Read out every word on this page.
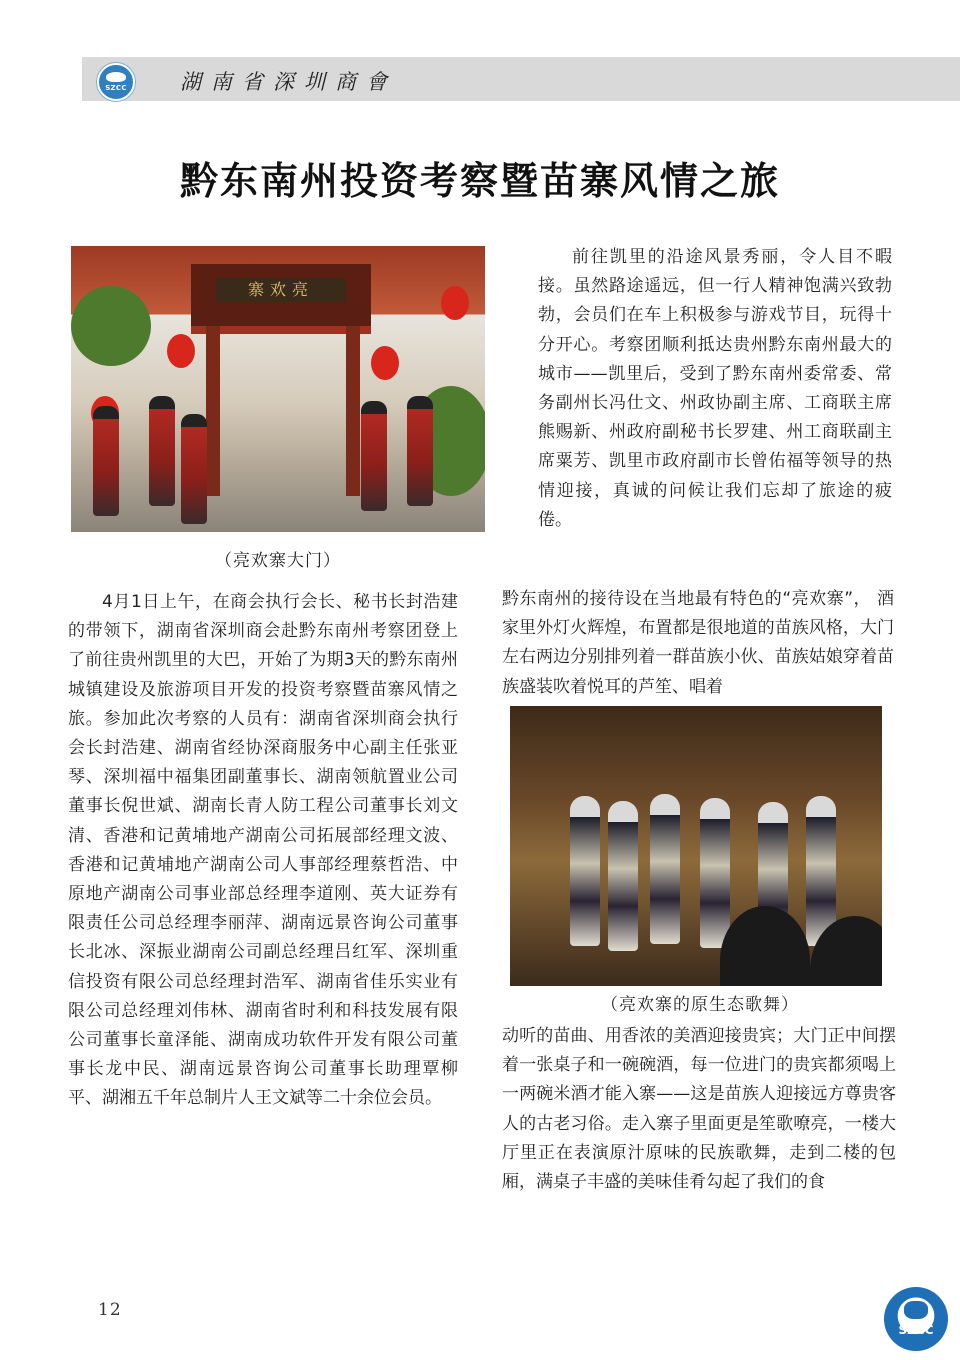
SZCC	湖南省深圳商會
黔东南州投资考察暨苗寨风情之旅
寨欢亮
（亮欢寨大门）

4月1日上午，在商会执行会长、秘书长封浩建的带领下，湖南省深圳商会赴黔东南州考察团登上了前往贵州凯里的大巴，开始了为期3天的黔东南州城镇建设及旅游项目开发的投资考察暨苗寨风情之旅。参加此次考察的人员有：湖南省深圳商会执行会长封浩建、湖南省经协深商服务中心副主任张亚琴、深圳福中福集团副董事长、湖南领航置业公司董事长倪世斌、湖南长青人防工程公司董事长刘文清、香港和记黄埔地产湖南公司拓展部经理文波、香港和记黄埔地产湖南公司人事部经理蔡哲浩、中原地产湖南公司事业部总经理李道刚、英大证券有限责任公司总经理李丽萍、湖南远景咨询公司董事长北冰、深振业湖南公司副总经理吕红军、深圳重信投资有限公司总经理封浩军、湖南省佳乐实业有限公司总经理刘伟林、湖南省时利和科技发展有限公司董事长童泽能、湖南成功软件开发有限公司董事长龙中民、湖南远景咨询公司董事长助理覃柳平、湖湘五千年总制片人王文斌等二十余位会员。

前往凯里的沿途风景秀丽，令人目不暇接。虽然路途遥远，但一行人精神饱满兴致勃勃，会员们在车上积极参与游戏节目，玩得十分开心。考察团顺利抵达贵州黔东南州最大的城市——凯里后，受到了黔东南州委常委、常务副州长冯仕文、州政协副主席、工商联主席熊赐新、州政府副秘书长罗建、州工商联副主席粟芳、凯里市政府副市长曾佑福等领导的热情迎接，真诚的问候让我们忘却了旅途的疲倦。

黔东南州的接待设在当地最有特色的“亮欢寨”， 酒家里外灯火辉煌，布置都是很地道的苗族风格，大门左右两边分别排列着一群苗族小伙、苗族姑娘穿着苗族盛装吹着悦耳的芦笙、唱着

（亮欢寨的原生态歌舞）

动听的苗曲、用香浓的美酒迎接贵宾；大门正中间摆着一张桌子和一碗碗酒，每一位进门的贵宾都须喝上一两碗米酒才能入寨——这是苗族人迎接远方尊贵客人的古老习俗。走入寨子里面更是笙歌嘹亮，一楼大厅里正在表演原汁原味的民族歌舞，走到二楼的包厢，满桌子丰盛的美味佳肴勾起了我们的食

12
SZCC
